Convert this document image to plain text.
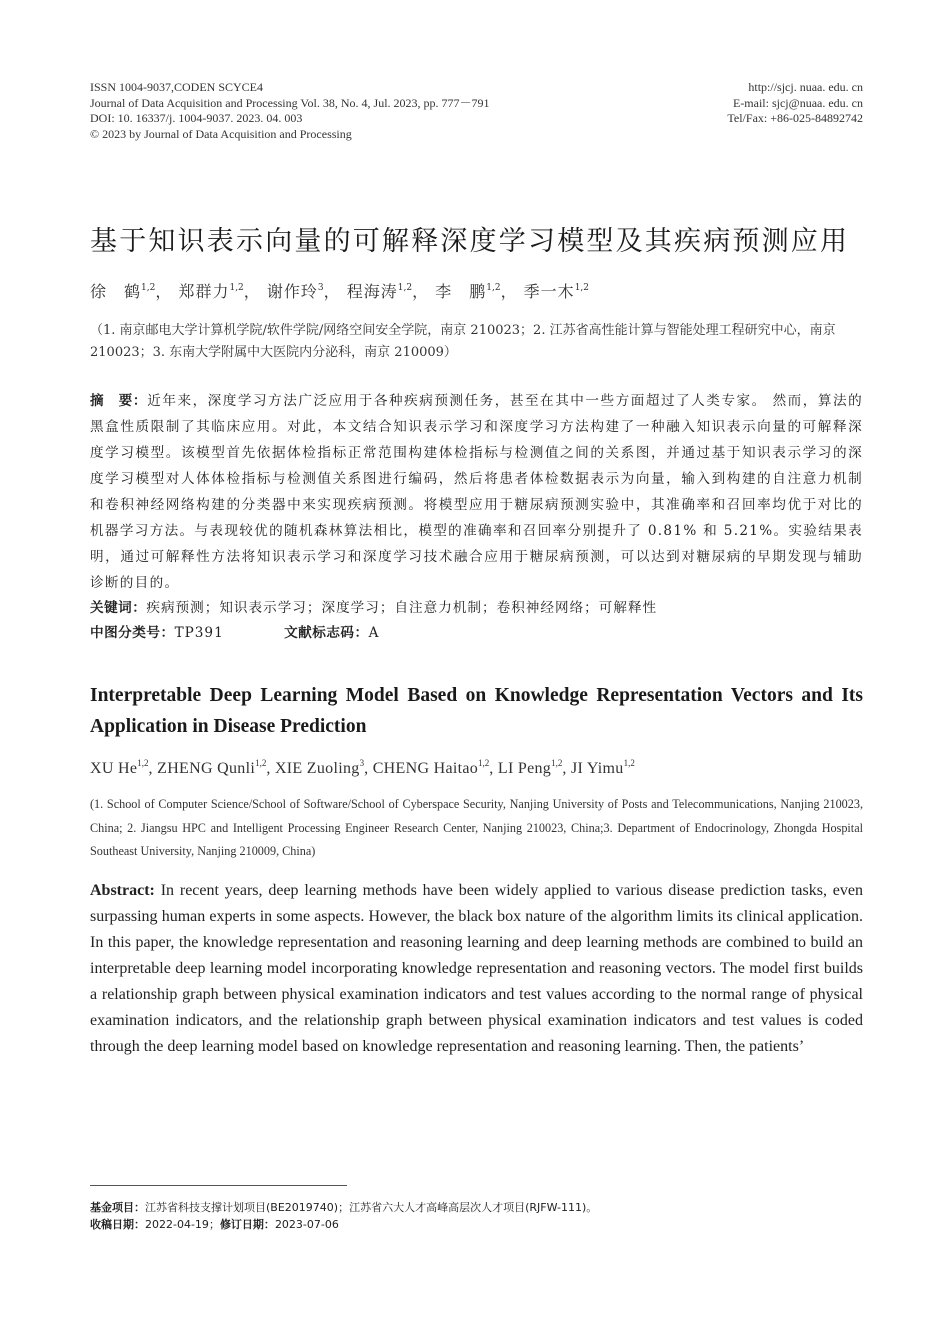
ISSN 1004-9037,CODEN SCYCE4
Journal of Data Acquisition and Processing Vol. 38, No. 4, Jul. 2023, pp. 777－791
DOI: 10. 16337/j. 1004-9037. 2023. 04. 003
© 2023 by Journal of Data Acquisition and Processing
http://sjcj. nuaa. edu. cn
E-mail: sjcj@nuaa. edu. cn
Tel/Fax: +86-025-84892742
基于知识表示向量的可解释深度学习模型及其疾病预测应用
徐　鹤$^{1,2}$， 郑群力$^{1,2}$， 谢作玲$^3$， 程海涛$^{1,2}$， 李　鹏$^{1,2}$， 季一木$^{1,2}$
（1. 南京邮电大学计算机学院/软件学院/网络空间安全学院，南京 210023；2. 江苏省高性能计算与智能处理工程研究中心，南京 210023；3. 东南大学附属中大医院内分泌科，南京 210009）
摘　要：近年来，深度学习方法广泛应用于各种疾病预测任务，甚至在其中一些方面超过了人类专家。 然而，算法的黑盒性质限制了其临床应用。对此，本文结合知识表示学习和深度学习方法构建了一种融入知识表示向量的可解释深度学习模型。该模型首先依据体检指标正常范围构建体检指标与检测值之间的关系图，并通过基于知识表示学习的深度学习模型对人体体检指标与检测值关系图进行编码，然后将患者体检数据表示为向量，输入到构建的自注意力机制和卷积神经网络构建的分类器中来实现疾病预测。将模型应用于糖尿病预测实验中，其准确率和召回率均优于对比的机器学习方法。与表现较优的随机森林算法相比，模型的准确率和召回率分别提升了 0.81% 和 5.21%。实验结果表明，通过可解释性方法将知识表示学习和深度学习技术融合应用于糖尿病预测，可以达到对糖尿病的早期发现与辅助诊断的目的。
关键词：疾病预测；知识表示学习；深度学习；自注意力机制；卷积神经网络；可解释性
中图分类号：TP391	文献标志码：A
Interpretable Deep Learning Model Based on Knowledge Representation Vectors and Its Application in Disease Prediction
XU He$^{1,2}$, ZHENG Qunli$^{1,2}$, XIE Zuoling$^3$, CHENG Haitao$^{1,2}$, LI Peng$^{1,2}$, JI Yimu$^{1,2}$
(1. School of Computer Science/School of Software/School of Cyberspace Security, Nanjing University of Posts and Telecommunications, Nanjing 210023, China; 2. Jiangsu HPC and Intelligent Processing Engineer Research Center, Nanjing 210023, China;3. Department of Endocrinology, Zhongda Hospital Southeast University, Nanjing 210009, China)
Abstract: In recent years, deep learning methods have been widely applied to various disease prediction tasks, even surpassing human experts in some aspects. However, the black box nature of the algorithm limits its clinical application. In this paper, the knowledge representation and reasoning learning and deep learning methods are combined to build an interpretable deep learning model incorporating knowledge representation and reasoning vectors. The model first builds a relationship graph between physical examination indicators and test values according to the normal range of physical examination indicators, and the relationship graph between physical examination indicators and test values is coded through the deep learning model based on knowledge representation and reasoning learning. Then, the patients’
基金项目：江苏省科技支撑计划项目(BE2019740)；江苏省六大人才高峰高层次人才项目(RJFW-111)。
收稿日期：2022-04-19；修订日期：2023-07-06
